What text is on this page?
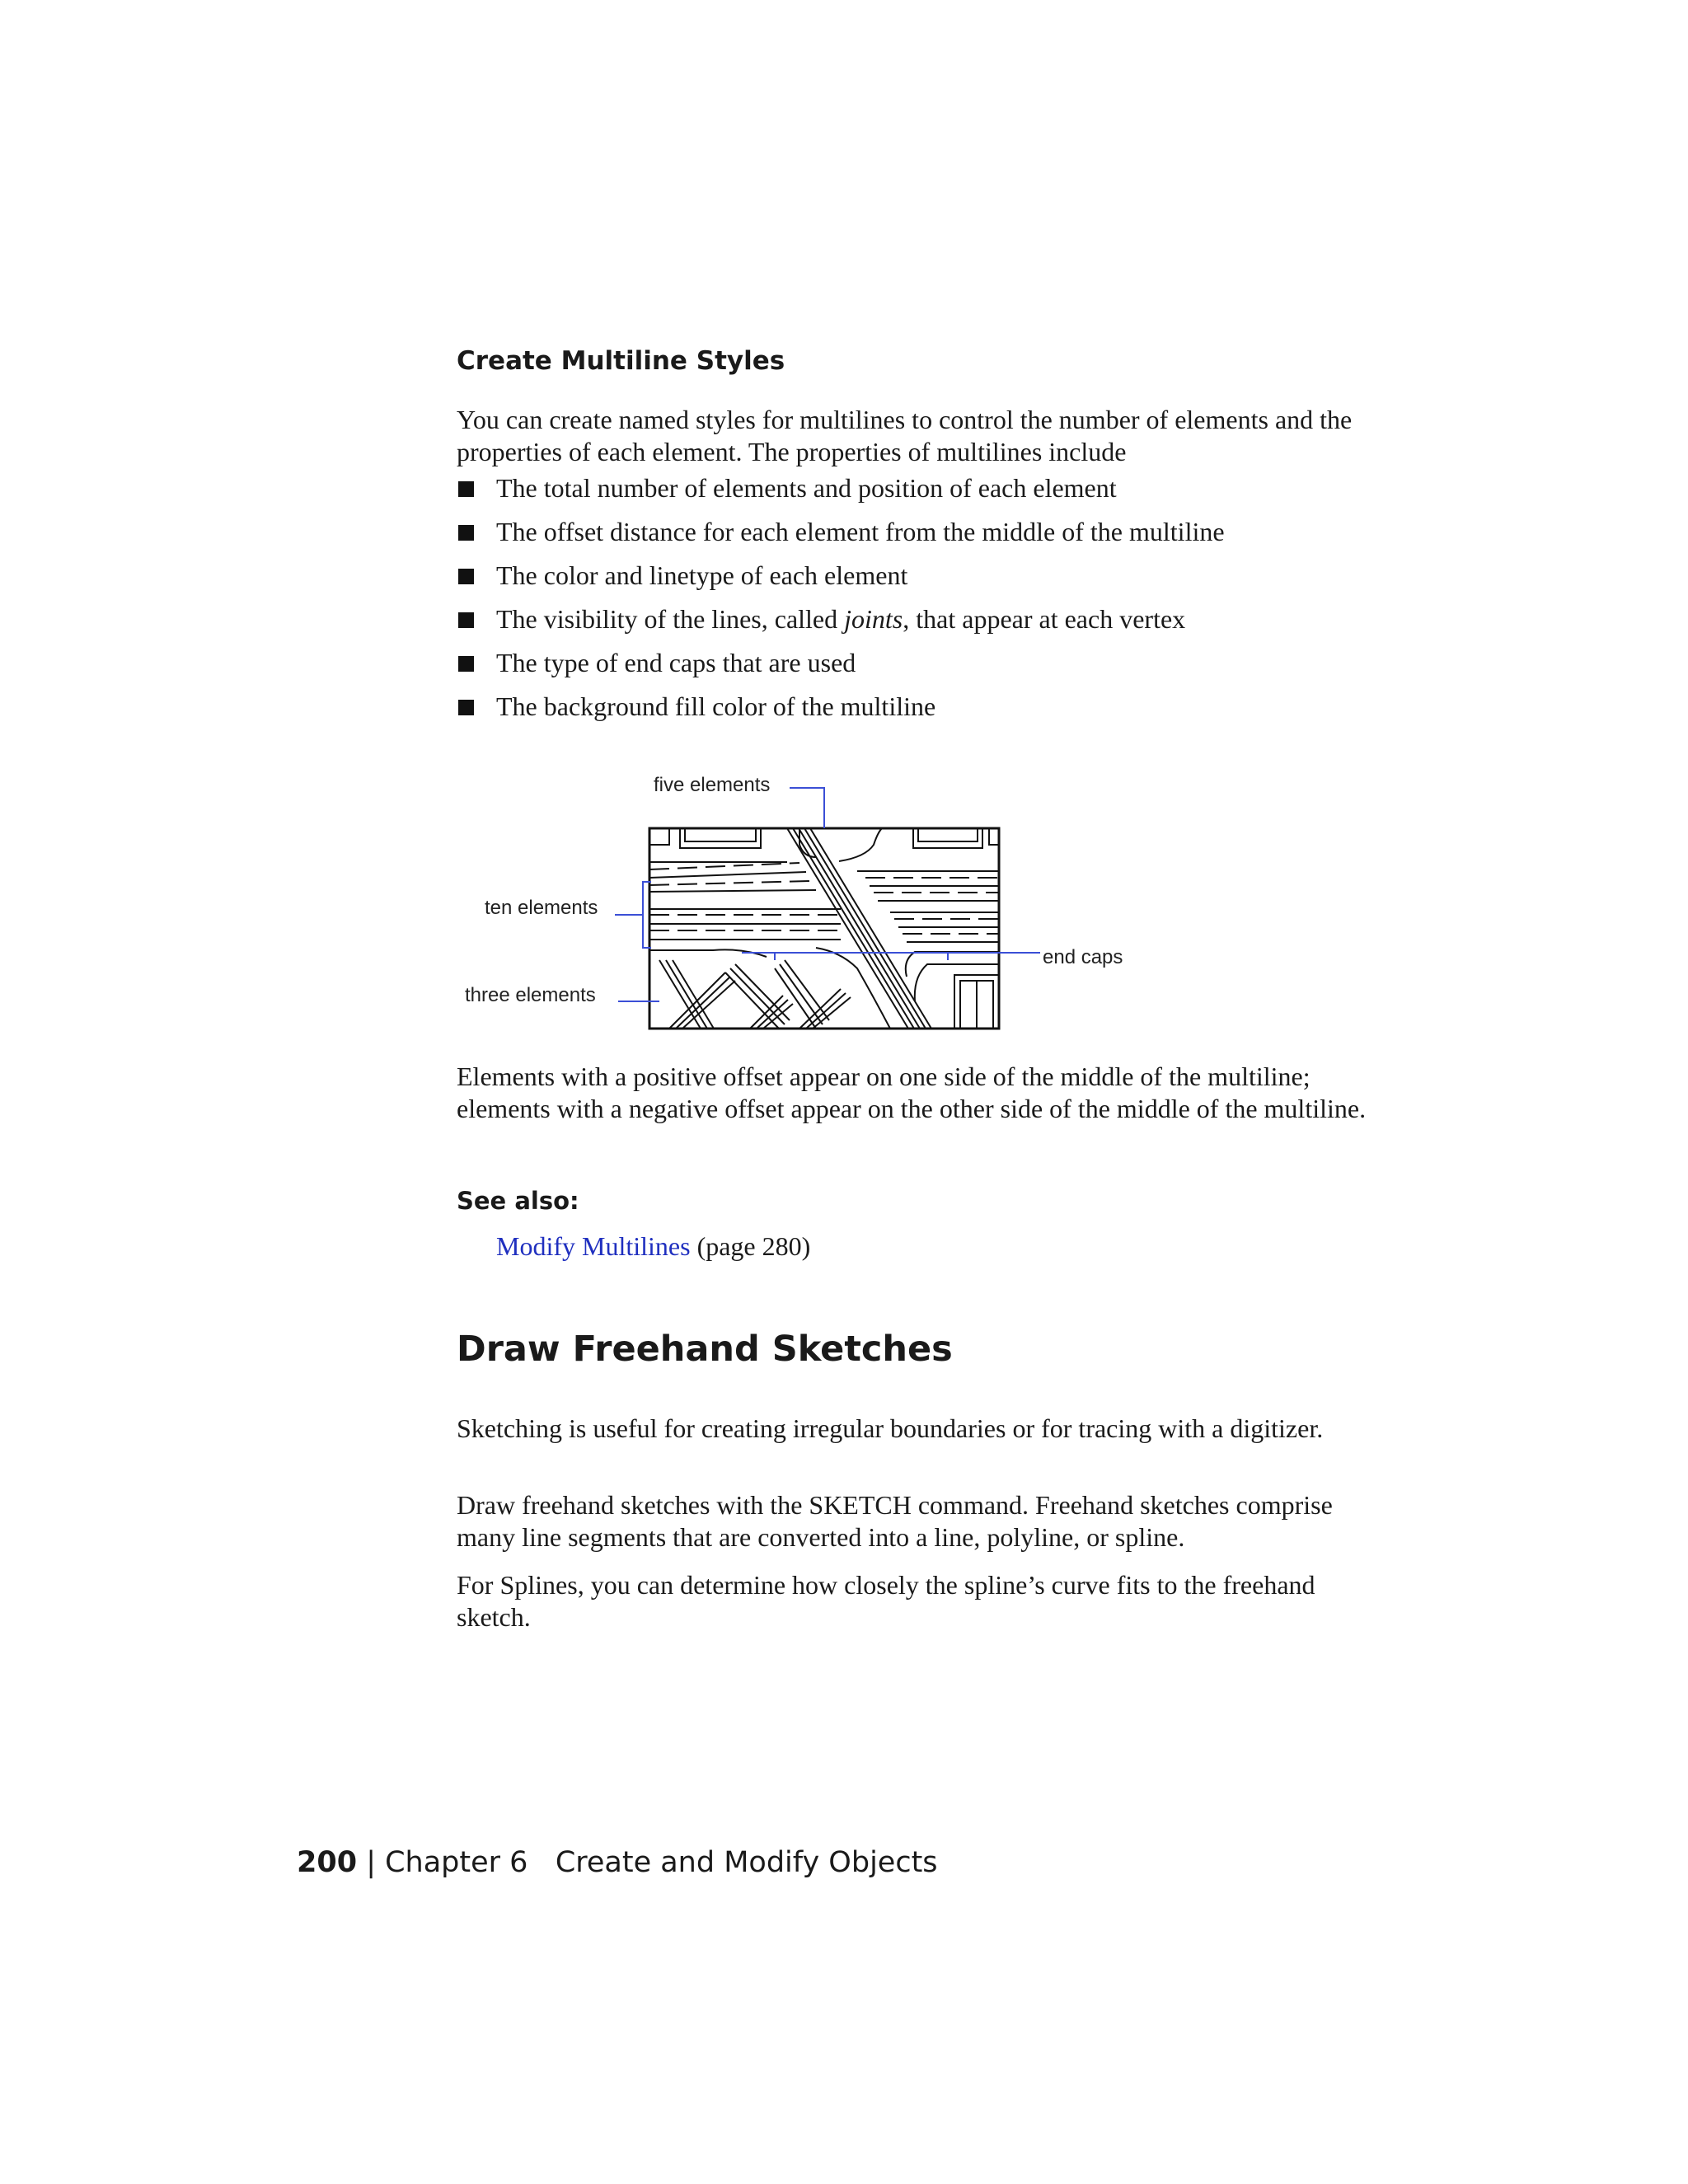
Create Multiline Styles

You can create named styles for multilines to control the number of elements and the properties of each element. The properties of multilines include

The total number of elements and position of each element
The offset distance for each element from the middle of the multiline
The color and linetype of each element
The visibility of the lines, called joints, that appear at each vertex
The type of end caps that are used
The background fill color of the multiline
five elements
ten elements
three elements
end caps

Elements with a positive offset appear on one side of the middle of the multiline; elements with a negative offset appear on the other side of the middle of the multiline.

See also:

Modify Multilines (page 280)

Draw Freehand Sketches

Sketching is useful for creating irregular boundaries or for tracing with a digitizer.

Draw freehand sketches with the SKETCH command. Freehand sketches comprise many line segments that are converted into a line, polyline, or spline.

For Splines, you can determine how closely the spline’s curve fits to the freehand sketch.

200 | Chapter 6   Create and Modify Objects
